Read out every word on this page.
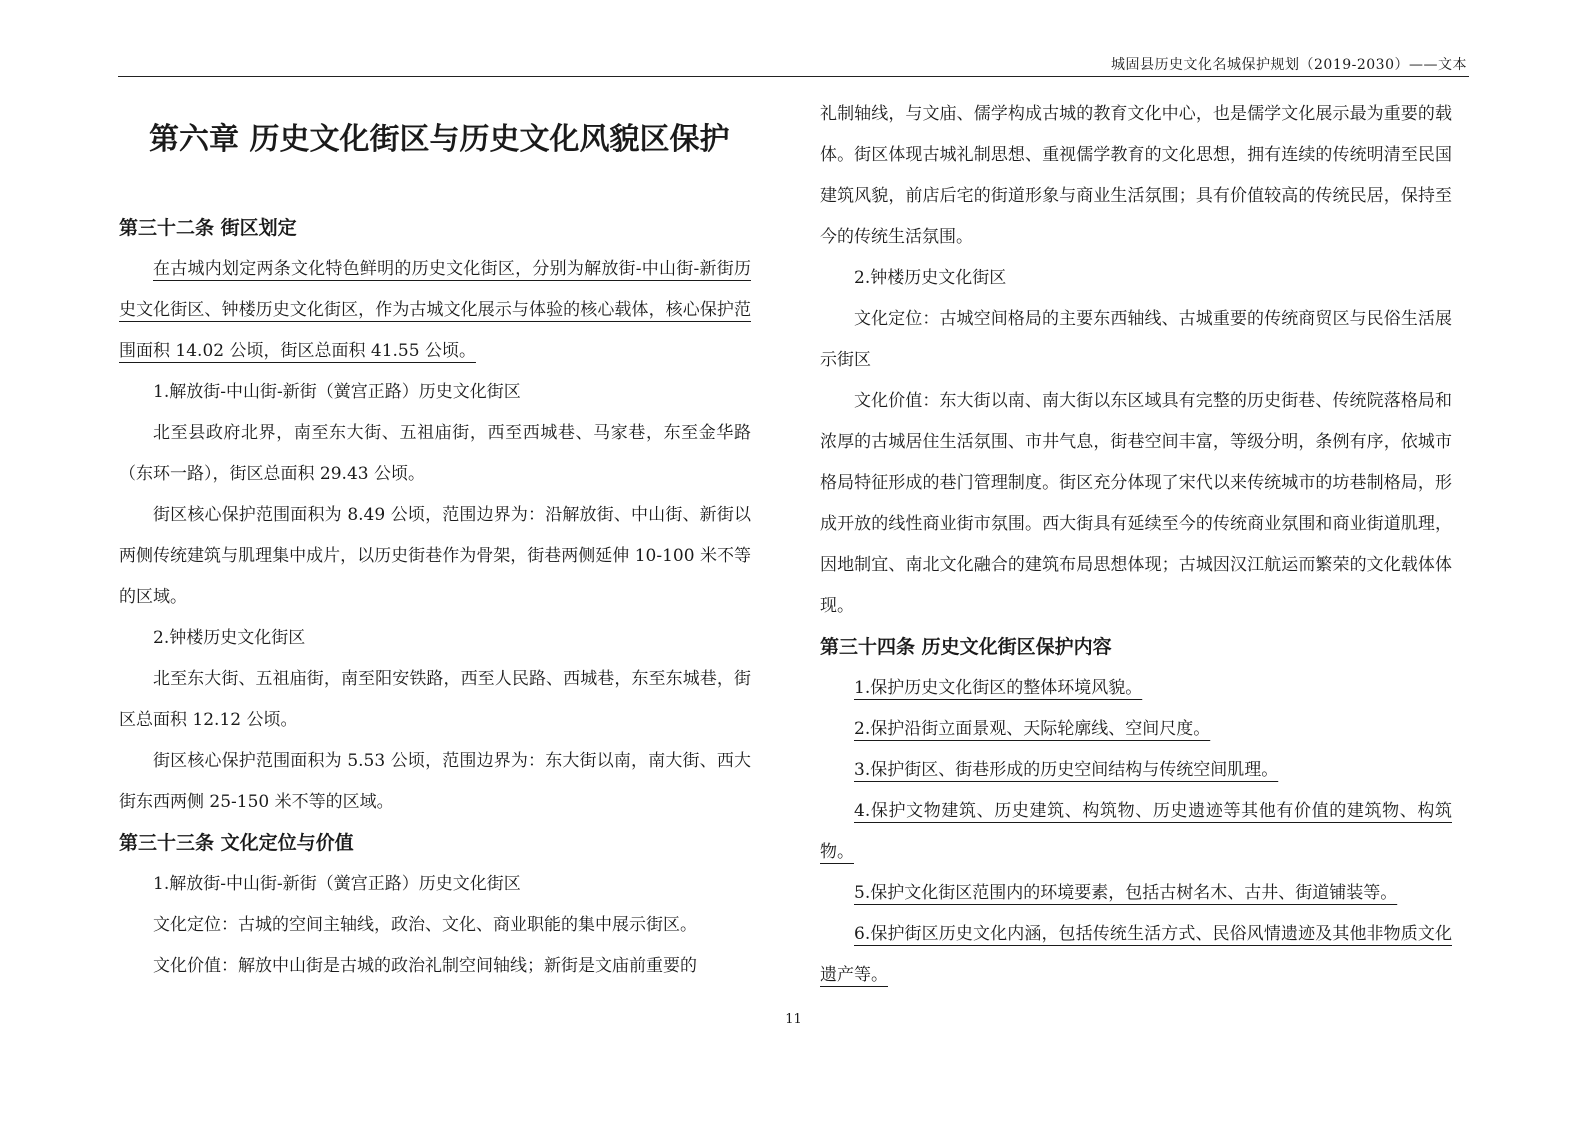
城固县历史文化名城保护规划（2019-2030）——文本
第六章 历史文化街区与历史文化风貌区保护

第三十二条 街区划定

在古城内划定两条文化特色鲜明的历史文化街区，分别为解放街-中山街-新街历史文化街区、钟楼历史文化街区，作为古城文化展示与体验的核心载体，核心保护范围面积 14.02 公顷，街区总面积 41.55 公顷。

1.解放街-中山街-新街（黉宫正路）历史文化街区

北至县政府北界，南至东大街、五祖庙街，西至西城巷、马家巷，东至金华路（东环一路），街区总面积 29.43 公顷。

街区核心保护范围面积为 8.49 公顷，范围边界为：沿解放街、中山街、新街以两侧传统建筑与肌理集中成片，以历史街巷作为骨架，街巷两侧延伸 10-100 米不等的区域。

2.钟楼历史文化街区

北至东大街、五祖庙街，南至阳安铁路，西至人民路、西城巷，东至东城巷，街区总面积 12.12 公顷。

街区核心保护范围面积为 5.53 公顷，范围边界为：东大街以南，南大街、西大街东西两侧 25-150 米不等的区域。

第三十三条 文化定位与价值

1.解放街-中山街-新街（黉宫正路）历史文化街区

文化定位：古城的空间主轴线，政治、文化、商业职能的集中展示街区。

文化价值：解放中山街是古城的政治礼制空间轴线；新街是文庙前重要的

礼制轴线，与文庙、儒学构成古城的教育文化中心，也是儒学文化展示最为重要的载体。街区体现古城礼制思想、重视儒学教育的文化思想，拥有连续的传统明清至民国建筑风貌，前店后宅的街道形象与商业生活氛围；具有价值较高的传统民居，保持至今的传统生活氛围。

2.钟楼历史文化街区

文化定位：古城空间格局的主要东西轴线、古城重要的传统商贸区与民俗生活展示街区

文化价值：东大街以南、南大街以东区域具有完整的历史街巷、传统院落格局和浓厚的古城居住生活氛围、市井气息，街巷空间丰富，等级分明，条例有序，依城市格局特征形成的巷门管理制度。街区充分体现了宋代以来传统城市的坊巷制格局，形成开放的线性商业街市氛围。西大街具有延续至今的传统商业氛围和商业街道肌理，因地制宜、南北文化融合的建筑布局思想体现；古城因汉江航运而繁荣的文化载体体现。

第三十四条 历史文化街区保护内容

1.保护历史文化街区的整体环境风貌。

2.保护沿街立面景观、天际轮廓线、空间尺度。

3.保护街区、街巷形成的历史空间结构与传统空间肌理。

4.保护文物建筑、历史建筑、构筑物、历史遗迹等其他有价值的建筑物、构筑物。

5.保护文化街区范围内的环境要素，包括古树名木、古井、街道铺装等。

6.保护街区历史文化内涵，包括传统生活方式、民俗风情遗迹及其他非物质文化遗产等。

11
